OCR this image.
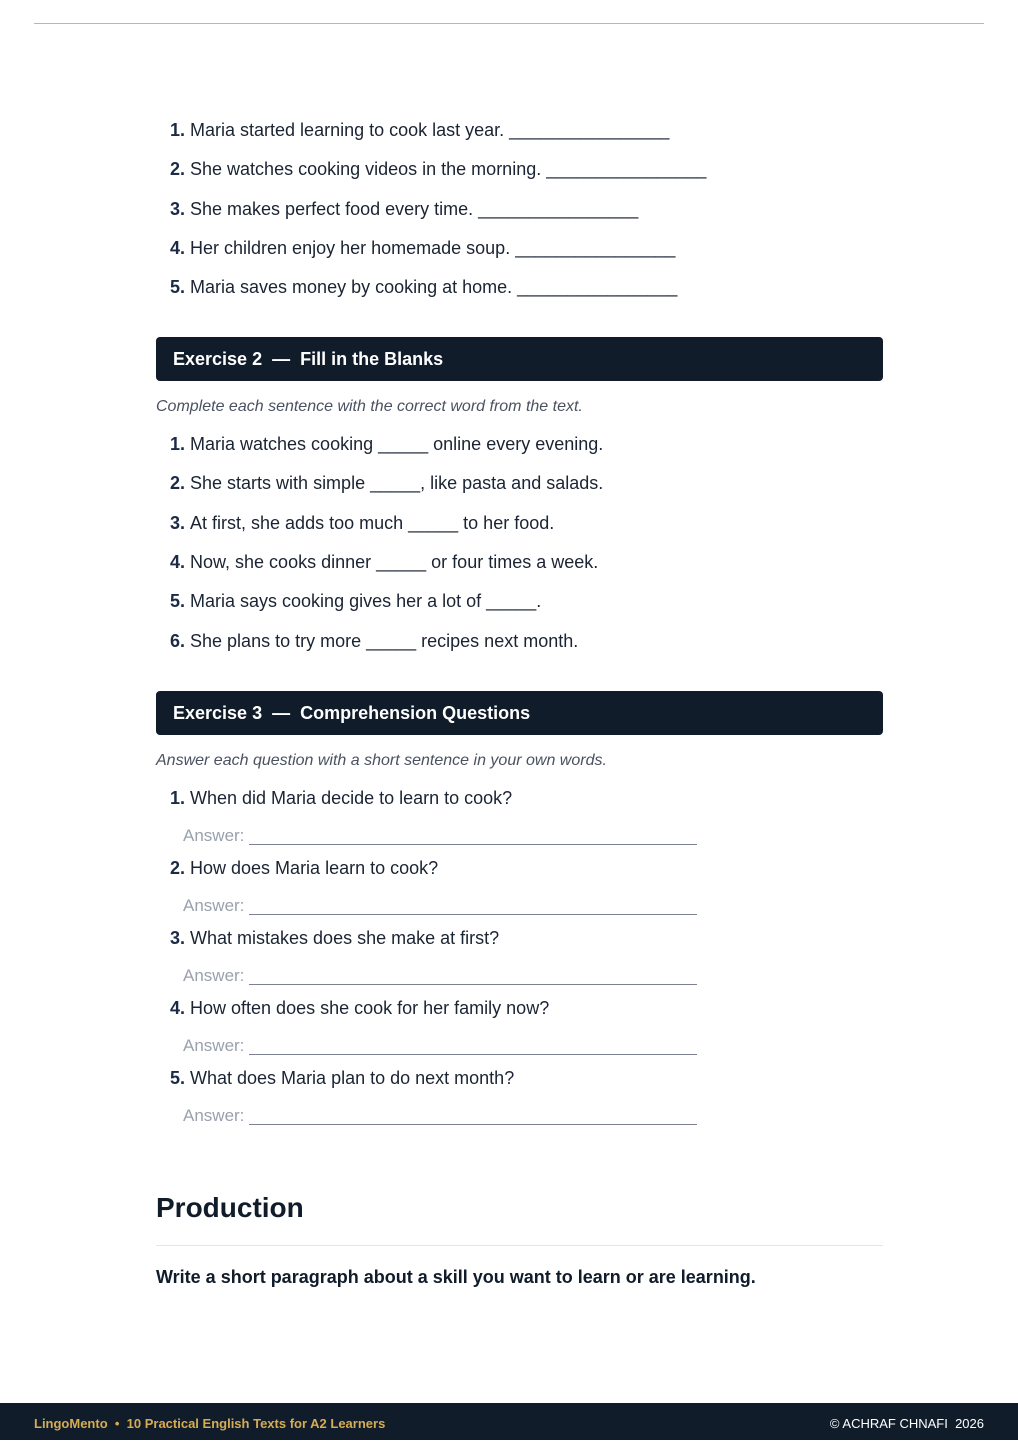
1. Maria started learning to cook last year. ________________
2. She watches cooking videos in the morning. ________________
3. She makes perfect food every time. ________________
4. Her children enjoy her homemade soup. ________________
5. Maria saves money by cooking at home. ________________
Exercise 2  —  Fill in the Blanks
Complete each sentence with the correct word from the text.
1. Maria watches cooking _____ online every evening.
2. She starts with simple _____, like pasta and salads.
3. At first, she adds too much _____ to her food.
4. Now, she cooks dinner _____ or four times a week.
5. Maria says cooking gives her a lot of _____.
6. She plans to try more _____ recipes next month.
Exercise 3  —  Comprehension Questions
Answer each question with a short sentence in your own words.
1. When did Maria decide to learn to cook?
Answer:
2. How does Maria learn to cook?
Answer:
3. What mistakes does she make at first?
Answer:
4. How often does she cook for her family now?
Answer:
5. What does Maria plan to do next month?
Answer:
Production
Write a short paragraph about a skill you want to learn or are learning.
LingoMento  •  10 Practical English Texts for A2 Learners	© ACHRAF CHNAFI  2026
